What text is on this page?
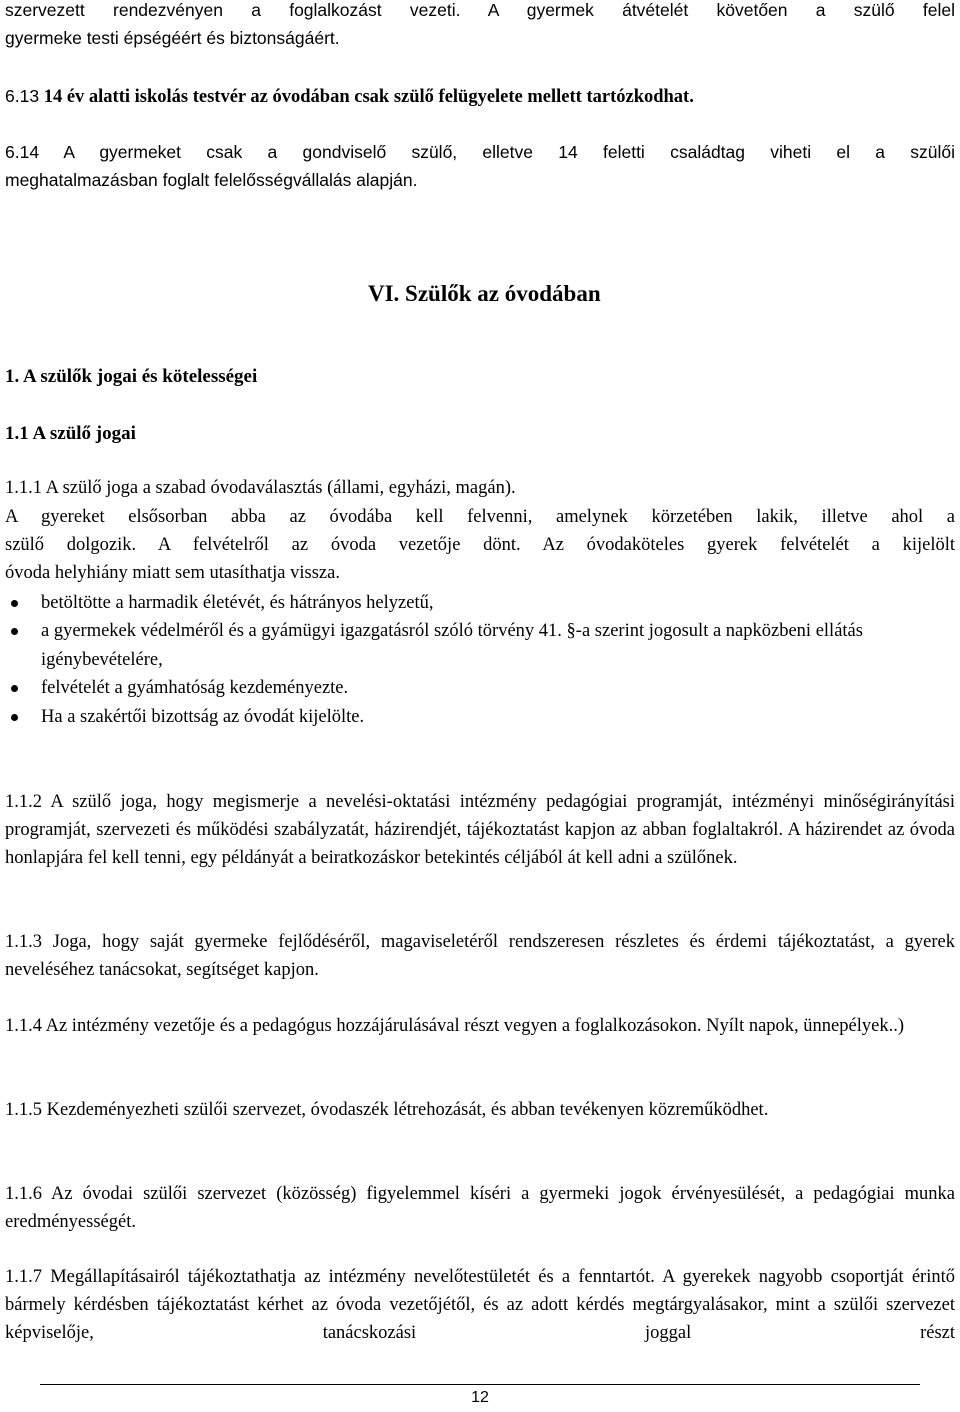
szervezett rendezvényen a foglalkozást vezeti. A gyermek átvételét követően a szülő felel

gyermeke testi épségéért és biztonságáért.

6.13 14 év alatti iskolás testvér az óvodában csak szülő felügyelete mellett tartózkodhat.

6.14 A gyermeket csak a gondviselő szülő, elletve 14 feletti családtag viheti el a szülői

meghatalmazásban foglalt felelősségvállalás alapján.

VI. Szülők az óvodában
1. A szülők jogai és kötelességei
1.1 A szülő jogai

1.1.1 A szülő joga a szabad óvodaválasztás (állami, egyházi, magán).

A gyereket elsősorban abba az óvodába kell felvenni, amelynek körzetében lakik, illetve ahol a

szülő dolgozik. A felvételről az óvoda vezetője dönt. Az óvodaköteles gyerek felvételét a kijelölt

óvoda helyhiány miatt sem utasíthatja vissza.

betöltötte a harmadik életévét, és hátrányos helyzetű,
a gyermekek védelméről és a gyámügyi igazgatásról szóló törvény 41. §-a szerint jogosult a napközbeni ellátás igénybevételére,
felvételét a gyámhatóság kezdeményezte.
Ha a szakértői bizottság az óvodát kijelölte.

1.1.2 A szülő joga, hogy megismerje a nevelési-oktatási intézmény pedagógiai programját, intézményi minőségirányítási programját, szervezeti és működési szabályzatát, házirendjét, tájékoztatást kapjon az abban foglaltakról. A házirendet az óvoda honlapjára fel kell tenni, egy példányát a beiratkozáskor betekintés céljából át kell adni a szülőnek.

1.1.3 Joga, hogy saját gyermeke fejlődéséről, magaviseletéről rendszeresen részletes és érdemi tájékoztatást, a gyerek neveléséhez tanácsokat, segítséget kapjon.

1.1.4 Az intézmény vezetője és a pedagógus hozzájárulásával részt vegyen a foglalkozásokon. Nyílt napok, ünnepélyek..)

1.1.5 Kezdeményezheti szülői szervezet, óvodaszék létrehozását, és abban tevékenyen közreműködhet.

1.1.6 Az óvodai szülői szervezet (közösség) figyelemmel kíséri a gyermeki jogok érvényesülését, a pedagógiai munka eredményességét.

1.1.7 Megállapításairól tájékoztathatja az intézmény nevelőtestületét és a fenntartót. A gyerekek nagyobb csoportját érintő bármely kérdésben tájékoztatást kérhet az óvoda vezetőjétől, és az adott kérdés megtárgyalásakor, mint a szülői szervezet képviselője, tanácskozási joggal részt

12
